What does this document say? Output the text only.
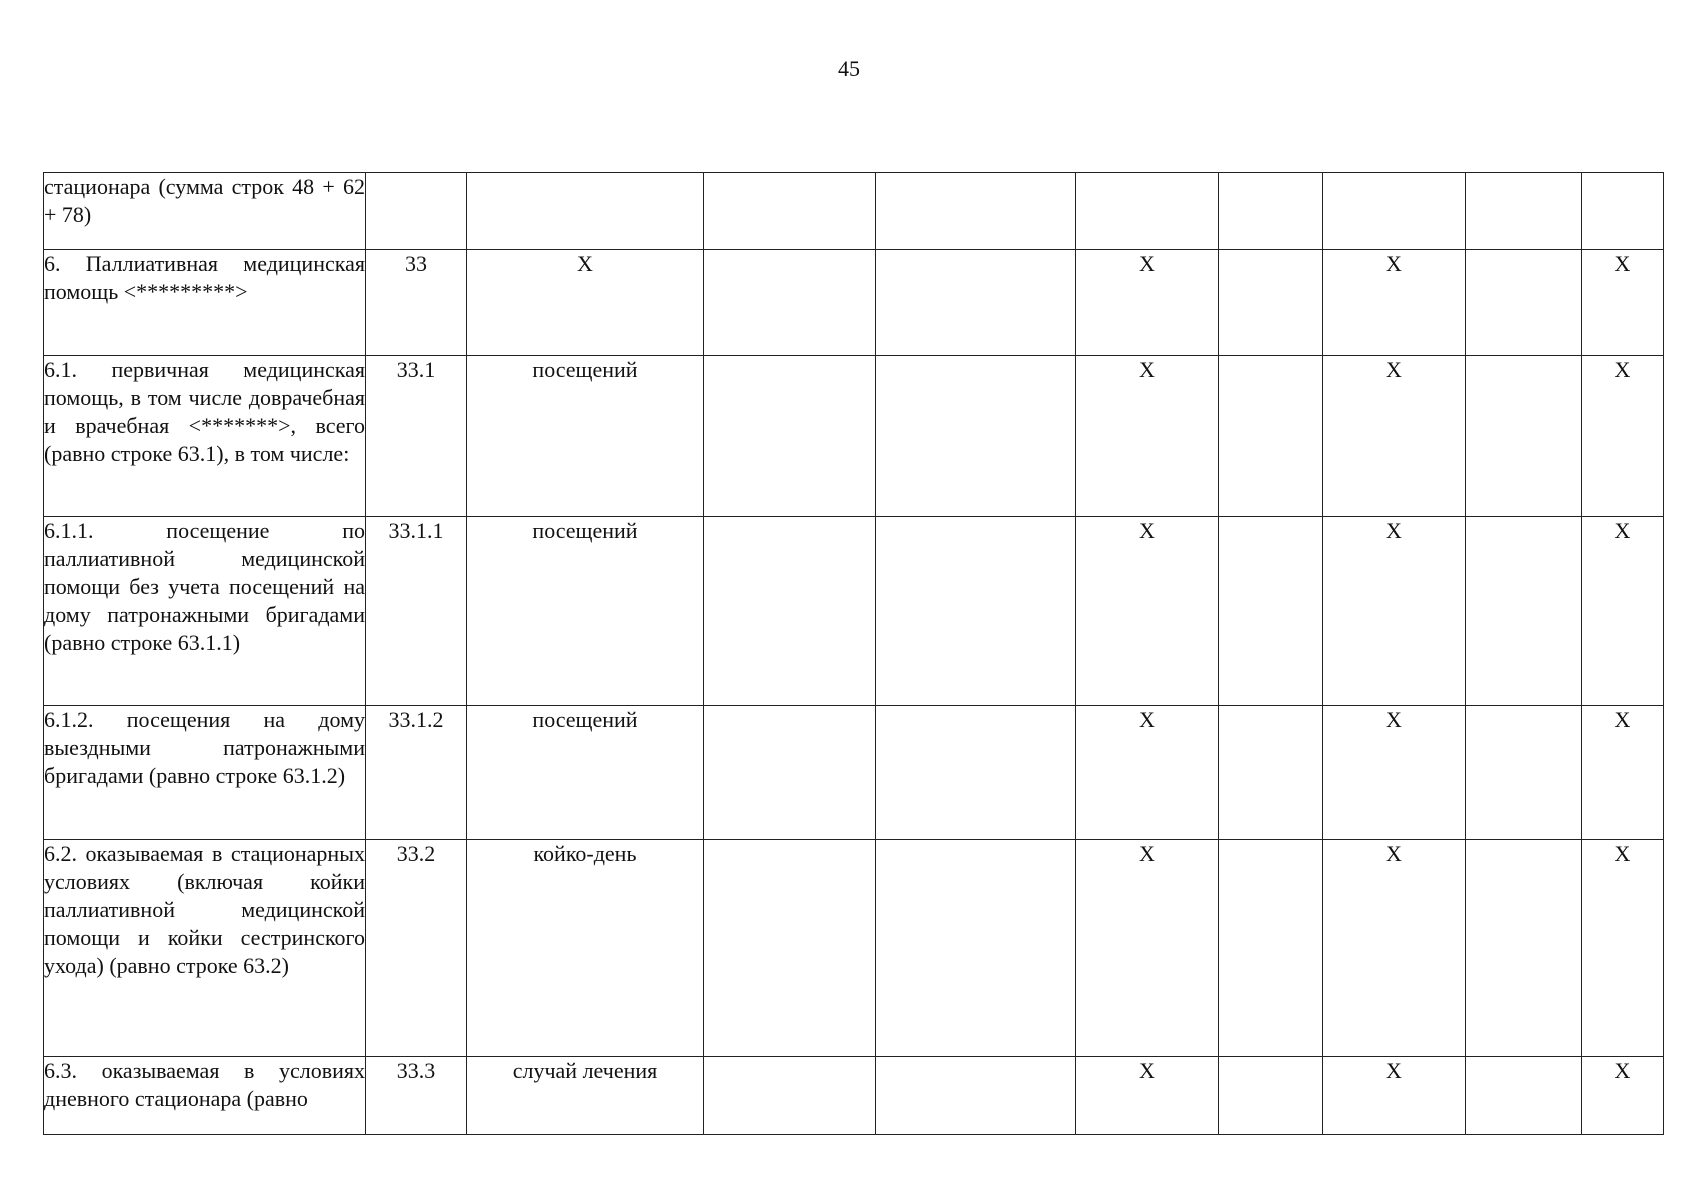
45
стационара (сумма строк 48 + 62 + 78)									

6. Паллиативная медицинская помощь <*********>	33	X			X		X		X

6.1. первичная медицинская помощь, в том числе доврачебная и врачебная <*******>, всего (равно строке 63.1), в том числе:	33.1	посещений			X		X		X

6.1.1. посещение по паллиативной медицинской помощи без учета посещений на дому патронажными бригадами (равно строке 63.1.1)	33.1.1	посещений			X		X		X

6.1.2. посещения на дому выездными патронажными бригадами (равно строке 63.1.2)	33.1.2	посещений			X		X		X

6.2. оказываемая в стационарных условиях (включая койки паллиативной медицинской помощи и койки сестринского ухода) (равно строке 63.2)	33.2	койко-день			X		X		X

6.3. оказываемая в условиях дневного стационара (равно	33.3	случай лечения			X		X		X
